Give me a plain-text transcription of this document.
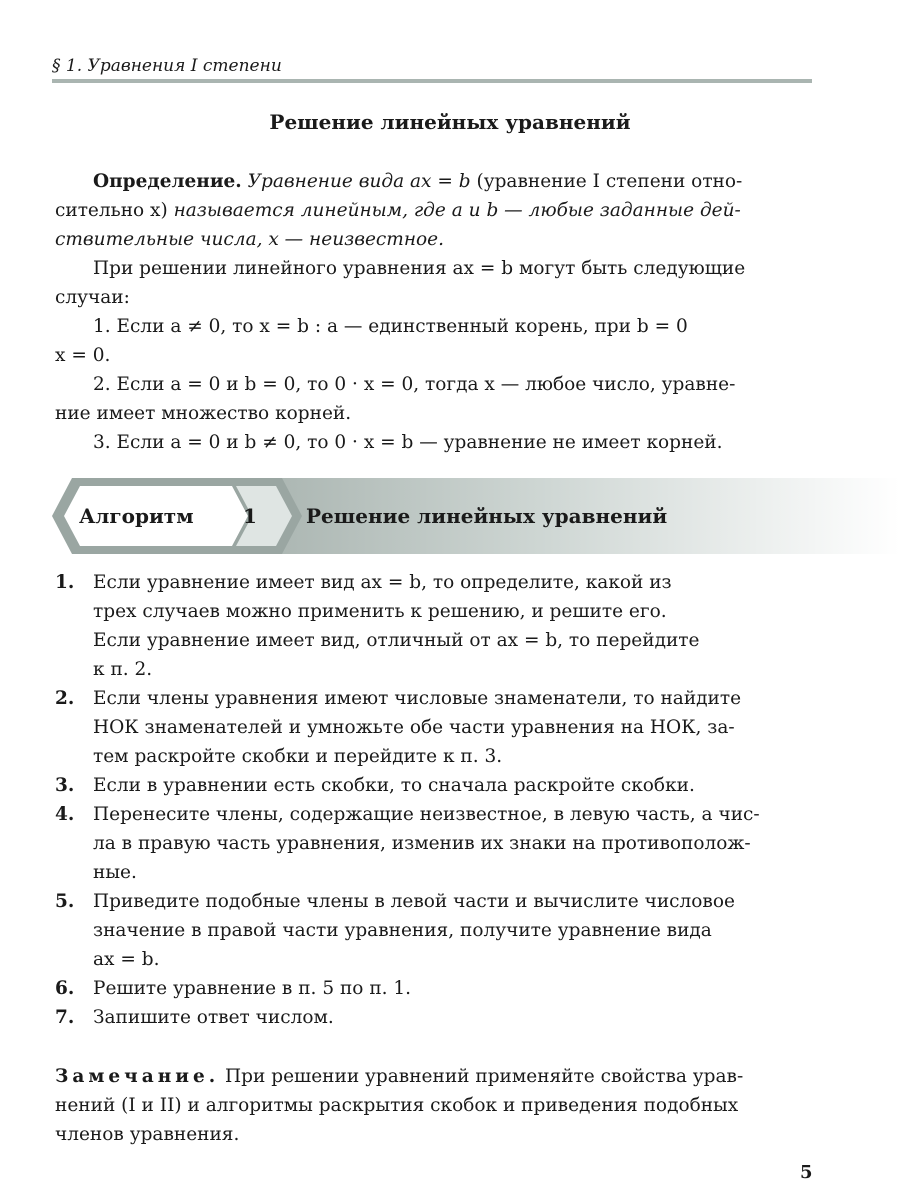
§ 1. Уравнения I степени
Решение линейных уравнений
Определение. Уравнение вида ax = b (уравнение I степени отно-
сительно x) называется линейным, где a и b — любые заданные дей-
ствительные числа, x — неизвестное.
При решении линейного уравнения ax = b могут быть следующие
случаи:
1. Если a ≠ 0, то x = b : a — единственный корень, при b = 0
x = 0.
2. Если a = 0 и b = 0, то 0 · x = 0, тогда x — любое число, уравне-
ние имеет множество корней.
3. Если a = 0 и b ≠ 0, то 0 · x = b — уравнение не имеет корней.
Алгоритм 1 Решение линейных уравнений
1. Если уравнение имеет вид ax = b, то определите, какой из
трех случаев можно применить к решению, и решите его.
Если уравнение имеет вид, отличный от ax = b, то перейдите
к п. 2.
2. Если члены уравнения имеют числовые знаменатели, то найдите
НОК знаменателей и умножьте обе части уравнения на НОК, за-
тем раскройте скобки и перейдите к п. 3.
3. Если в уравнении есть скобки, то сначала раскройте скобки.
4. Перенесите члены, содержащие неизвестное, в левую часть, а чис-
ла в правую часть уравнения, изменив их знаки на противополож-
ные.
5. Приведите подобные члены в левой части и вычислите числовое
значение в правой части уравнения, получите уравнение вида
ax = b.
6. Решите уравнение в п. 5 по п. 1.
7. Запишите ответ числом.
Замечание. При решении уравнений применяйте свойства урав-
нений (I и II) и алгоритмы раскрытия скобок и приведения подобных
членов уравнения.
5
